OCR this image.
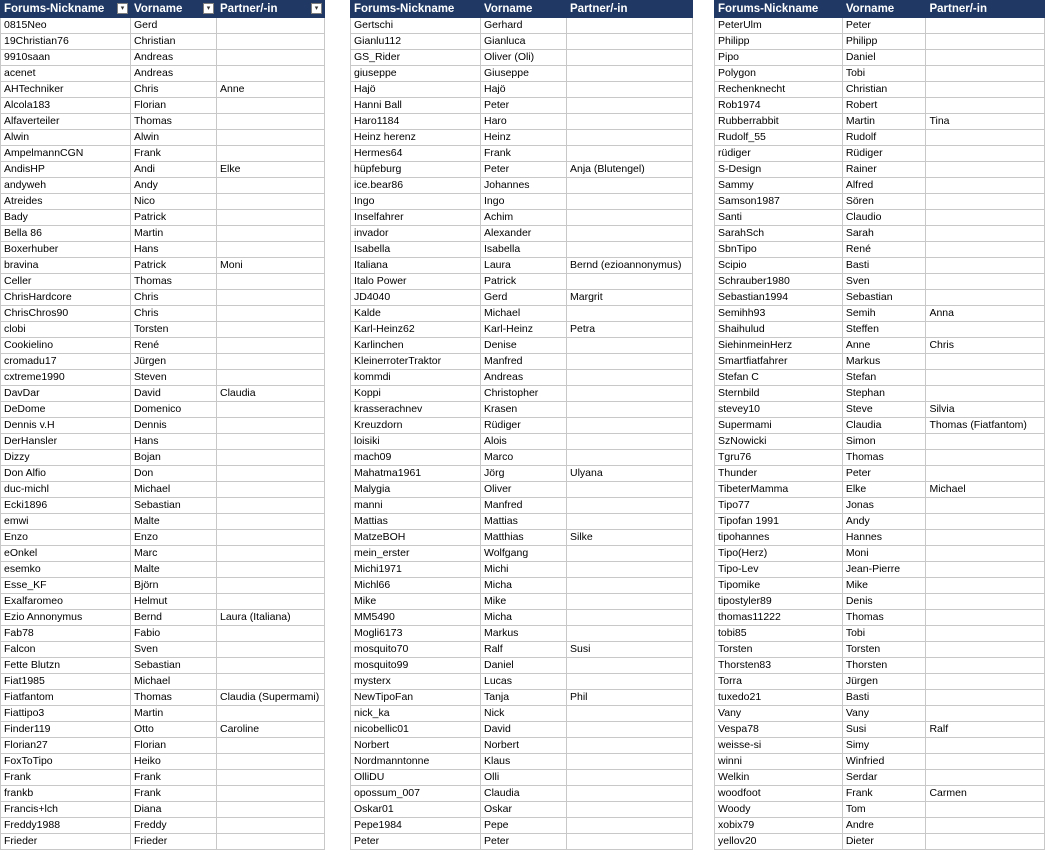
Forums-Nickname ▾	Vorname ▾	Partner/-in ▾

0815Neo	Gerd	
19Christian76	Christian	
9910saan	Andreas	
acenet	Andreas	
AHTechniker	Chris	Anne
Alcola183	Florian	
Alfaverteiler	Thomas	
Alwin	Alwin	
AmpelmannCGN	Frank	
AndisHP	Andi	Elke
andyweh	Andy	
Atreides	Nico	
Bady	Patrick	
Bella 86	Martin	
Boxerhuber	Hans	
bravina	Patrick	Moni
Celler	Thomas	
ChrisHardcore	Chris	
ChrisChros90	Chris	
clobi	Torsten	
Cookielino	René	
cromadu17	Jürgen	
cxtreme1990	Steven	
DavDar	David	Claudia
DeDome	Domenico	
Dennis v.H	Dennis	
DerHansler	Hans	
Dizzy	Bojan	
Don Alfio	Don	
duc-michl	Michael	
Ecki1896	Sebastian	
emwi	Malte	
Enzo	Enzo	
eOnkel	Marc	
esemko	Malte	
Esse_KF	Björn	
Exalfaromeo	Helmut	
Ezio Annonymus	Bernd	Laura (Italiana)
Fab78	Fabio	
Falcon	Sven	
Fette Blutzn	Sebastian	
Fiat1985	Michael	
Fiatfantom	Thomas	Claudia (Supermami)
Fiattipo3	Martin	
Finder119	Otto	Caroline
Florian27	Florian	
FoxToTipo	Heiko	
Frank	Frank	
frankb	Frank	
Francis+lch	Diana	
Freddy1988	Freddy	
Frieder	Frieder	
Forums-Nickname	Vorname	Partner/-in
Gertschi	Gerhard	
Gianlu112	Gianluca	
GS_Rider	Oliver (Oli)	
giuseppe	Giuseppe	
Hajö	Hajö	
Hanni Ball	Peter	
Haro1184	Haro	
Heinz herenz	Heinz	
Hermes64	Frank	
hüpfeburg	Peter	Anja (Blutengel)
ice.bear86	Johannes	
Ingo	Ingo	
Inselfahrer	Achim	
invador	Alexander	
Isabella	Isabella	
Italiana	Laura	Bernd (ezioannonymus)
Italo Power	Patrick	
JD4040	Gerd	Margrit
Kalde	Michael	
Karl-Heinz62	Karl-Heinz	Petra
Karlinchen	Denise	
KleinerroterTraktor	Manfred	
kommdi	Andreas	
Koppi	Christopher	
krasserachnev	Krasen	
Kreuzdorn	Rüdiger	
loisiki	Alois	
mach09	Marco	
Mahatma1961	Jörg	Ulyana
Malygia	Oliver	
manni	Manfred	
Mattias	Mattias	
MatzeBOH	Matthias	Silke
mein_erster	Wolfgang	
Michi1971	Michi	
Michl66	Micha	
Mike	Mike	
MM5490	Micha	
Mogli6173	Markus	
mosquito70	Ralf	Susi
mosquito99	Daniel	
mysterx	Lucas	
NewTipoFan	Tanja	Phil
nick_ka	Nick	
nicobellic01	David	
Norbert	Norbert	
Nordmanntonne	Klaus	
OlliDU	Olli	
opossum_007	Claudia	
Oskar01	Oskar	
Pepe1984	Pepe	
Peter	Peter	
Forums-Nickname	Vorname	Partner/-in
PeterUlm	Peter	
Philipp	Philipp	
Pipo	Daniel	
Polygon	Tobi	
Rechenknecht	Christian	
Rob1974	Robert	
Rubberrabbit	Martin	Tina
Rudolf_55	Rudolf	
rüdiger	Rüdiger	
S-Design	Rainer	
Sammy	Alfred	
Samson1987	Sören	
Santi	Claudio	
SarahSch	Sarah	
SbnTipo	René	
Scipio	Basti	
Schrauber1980	Sven	
Sebastian1994	Sebastian	
Semihh93	Semih	Anna
Shaihulud	Steffen	
SiehinmeinHerz	Anne	Chris
Smartfiatfahrer	Markus	
Stefan C	Stefan	
Sternbild	Stephan	
stevey10	Steve	Silvia
Supermami	Claudia	Thomas (Fiatfantom)
SzNowicki	Simon	
Tgru76	Thomas	
Thunder	Peter	
TibeterMamma	Elke	Michael
Tipo77	Jonas	
Tipofan 1991	Andy	
tipohannes	Hannes	
Tipo(Herz)	Moni	
Tipo-Lev	Jean-Pierre	
Tipomike	Mike	
tipostyler89	Denis	
thomas11222	Thomas	
tobi85	Tobi	
Torsten	Torsten	
Thorsten83	Thorsten	
Torra	Jürgen	
tuxedo21	Basti	
Vany	Vany	
Vespa78	Susi	Ralf
weisse-si	Simy	
winni	Winfried	
Welkin	Serdar	
woodfoot	Frank	Carmen
Woody	Tom	
xobix79	Andre	
yellov20	Dieter	
